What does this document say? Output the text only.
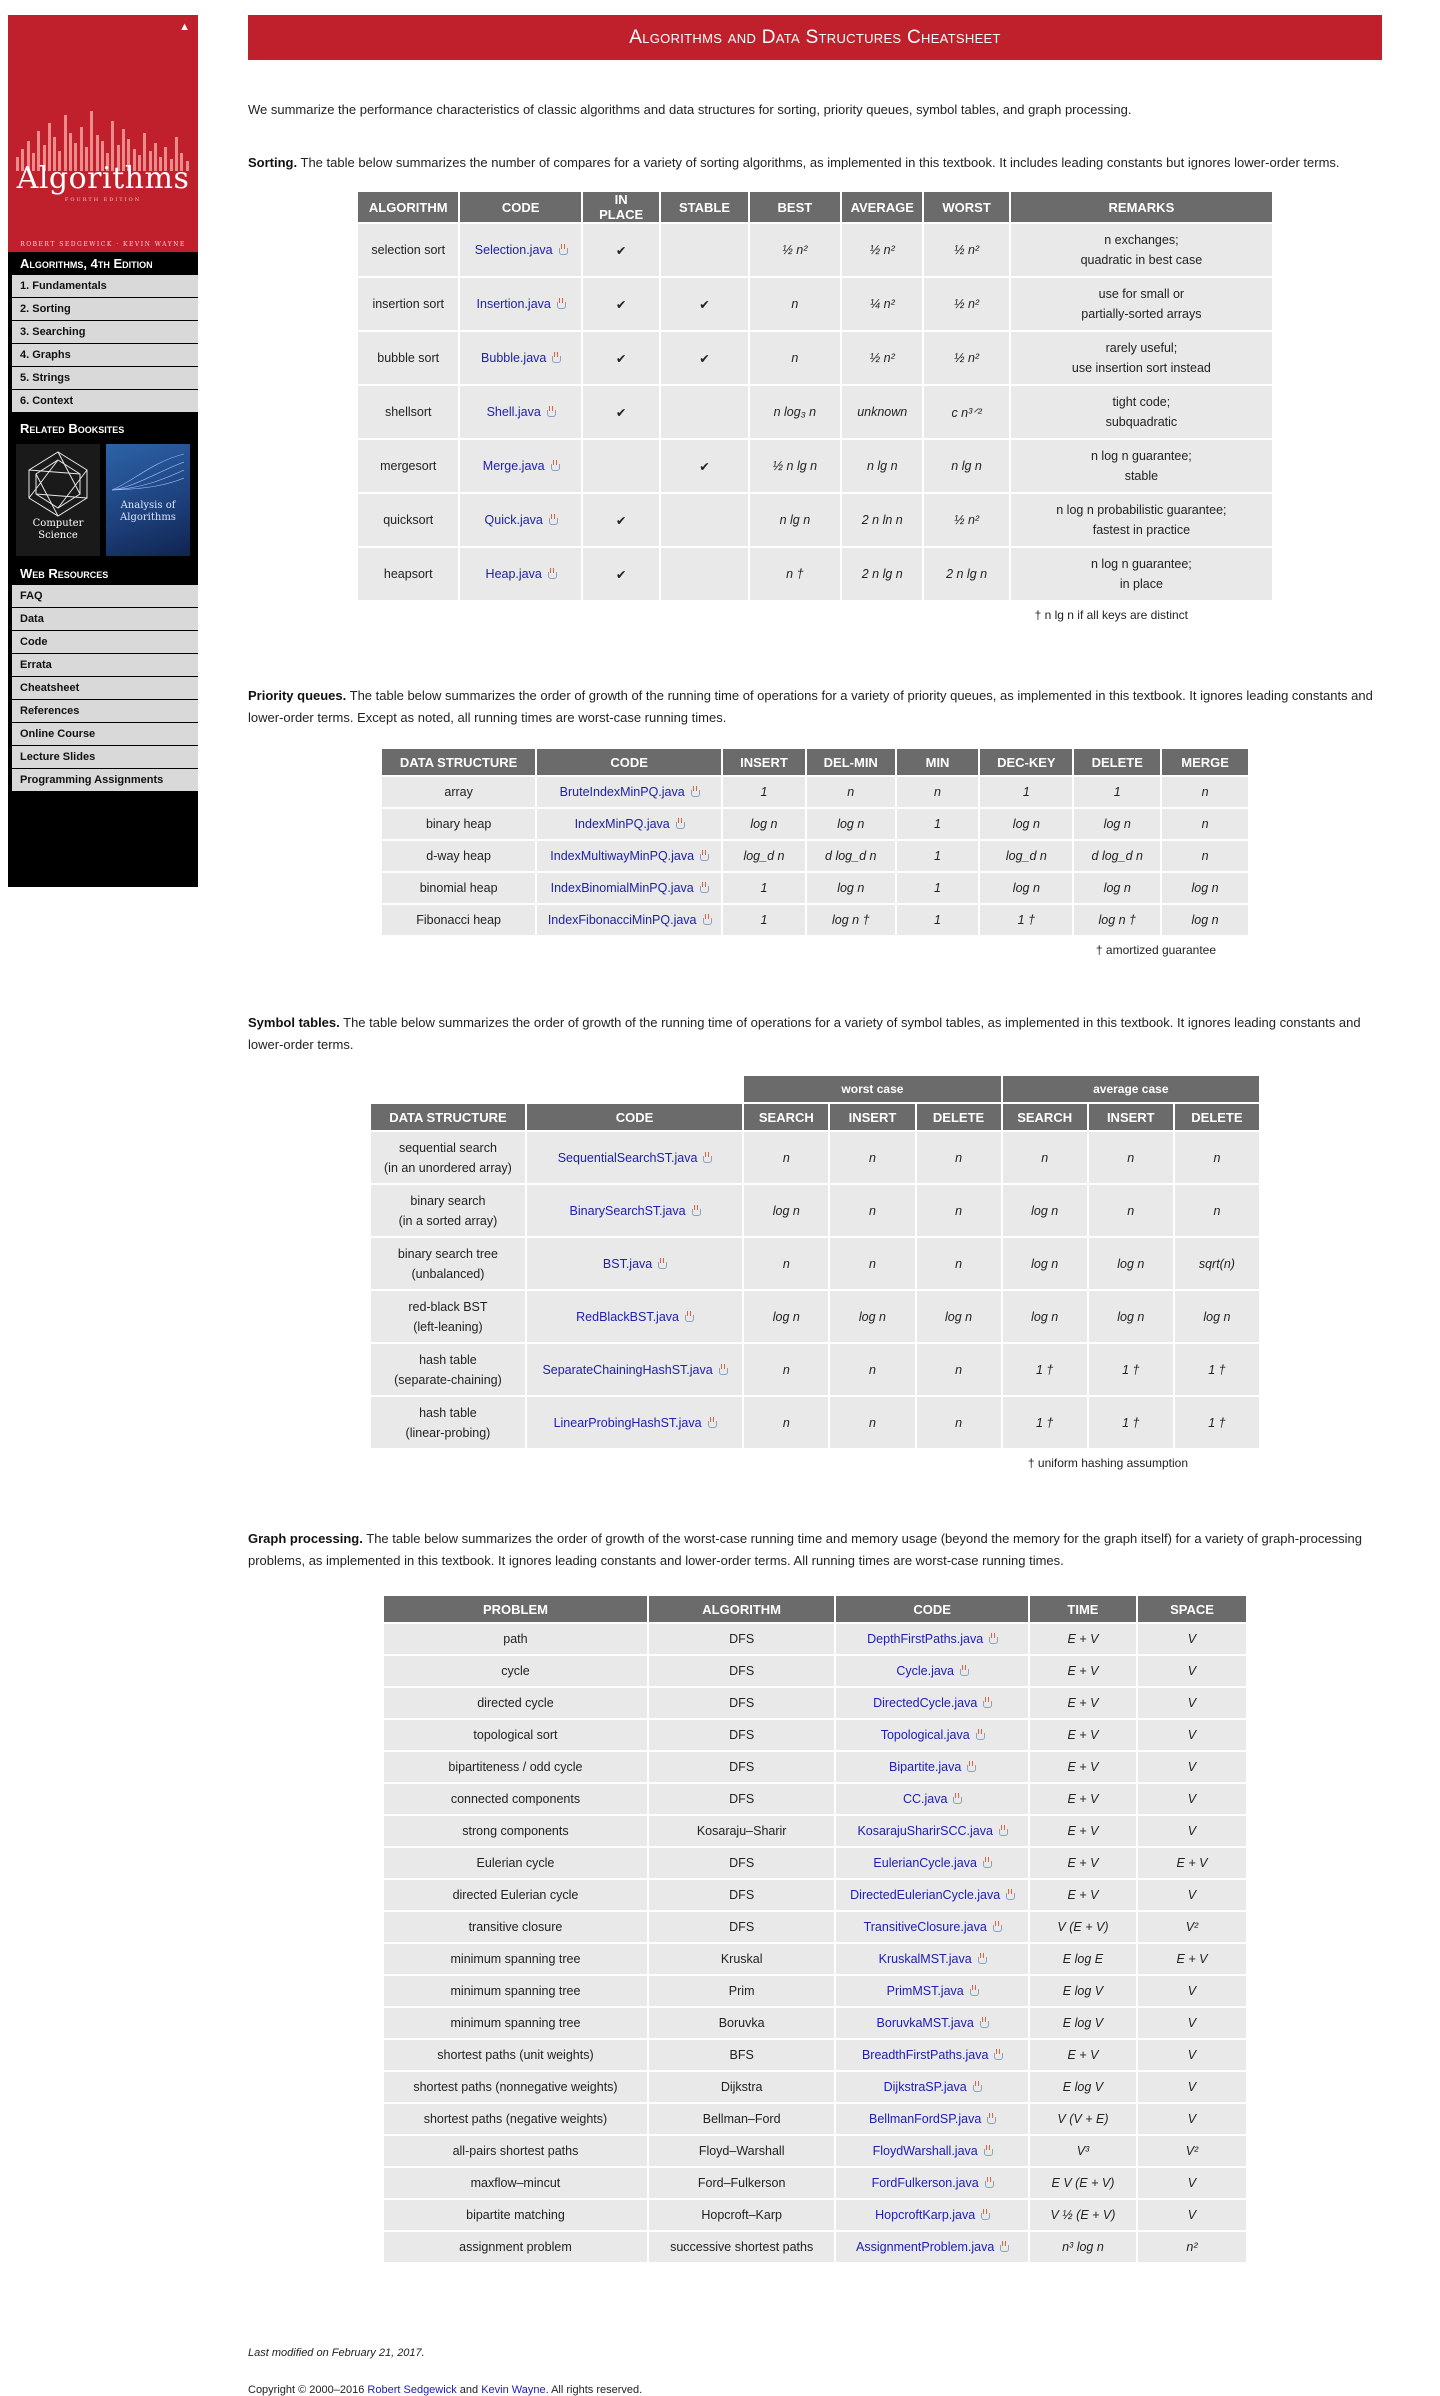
▲
Algorithms
FOURTH EDITION
ROBERT SEDGEWICK · KEVIN WAYNE
Algorithms, 4th Edition
1. Fundamentals
2. Sorting
3. Searching
4. Graphs
5. Strings
6. Context
Related Booksites
Computer Science
Analysis of Algorithms
Web Resources
FAQ
Data
Code
Errata
Cheatsheet
References
Online Course
Lecture Slides
Programming Assignments
Algorithms and Data Structures Cheatsheet

We summarize the performance characteristics of classic algorithms and data structures for sorting, priority queues, symbol tables, and graph processing.

Sorting. The table below summarizes the number of compares for a variety of sorting algorithms, as implemented in this textbook. It includes leading constants but ignores lower-order terms.

ALGORITHM	CODE	IN PLACE	STABLE	BEST	AVERAGE	WORST	REMARKS
selection sort	Selection.java	✔		½ n²	½ n²	½ n²	n exchanges;
quadratic in best case

insertion sort	Insertion.java	✔	✔	n	¼ n²	½ n²	use for small or
partially-sorted arrays

bubble sort	Bubble.java	✔	✔	n	½ n²	½ n²	rarely useful;
use insertion sort instead

shellsort	Shell.java	✔		n log₃ n	unknown	c n³ᐟ²	tight code;
subquadratic

mergesort	Merge.java		✔	½ n lg n	n lg n	n lg n	n log n guarantee;
stable

quicksort	Quick.java	✔		n lg n	2 n ln n	½ n²	n log n probabilistic guarantee;
fastest in practice

heapsort	Heap.java	✔		n †	2 n lg n	2 n lg n	n log n guarantee;
in place
† n lg n if all keys are distinct

Priority queues. The table below summarizes the order of growth of the running time of operations for a variety of priority queues, as implemented in this textbook. It ignores leading constants and lower-order terms. Except as noted, all running times are worst-case running times.

DATA STRUCTURE	CODE	INSERT	DEL-MIN	MIN	DEC-KEY	DELETE	MERGE
array	BruteIndexMinPQ.java	1	n	n	1	1	n
binary heap	IndexMinPQ.java	log n	log n	1	log n	log n	n
d-way heap	IndexMultiwayMinPQ.java	log_d n	d log_d n	1	log_d n	d log_d n	n
binomial heap	IndexBinomialMinPQ.java	1	log n	1	log n	log n	log n
Fibonacci heap	IndexFibonacciMinPQ.java	1	log n †	1	1 †	log n †	log n
† amortized guarantee

Symbol tables. The table below summarizes the order of growth of the running time of operations for a variety of symbol tables, as implemented in this textbook. It ignores leading constants and lower-order terms.

		worst case			average case		
DATA STRUCTURE	CODE	SEARCH	INSERT	DELETE	SEARCH	INSERT	DELETE

sequential search
(in an unordered array)	SequentialSearchST.java	n	n	n	n	n	n

binary search
(in a sorted array)	BinarySearchST.java	log n	n	n	log n	n	n

binary search tree
(unbalanced)	BST.java	n	n	n	log n	log n	sqrt(n)

red-black BST
(left-leaning)	RedBlackBST.java	log n	log n	log n	log n	log n	log n

hash table
(separate-chaining)	SeparateChainingHashST.java	n	n	n	1 †	1 †	1 †

hash table
(linear-probing)	LinearProbingHashST.java	n	n	n	1 †	1 †	1 †
† uniform hashing assumption

Graph processing. The table below summarizes the order of growth of the worst-case running time and memory usage (beyond the memory for the graph itself) for a variety of graph-processing problems, as implemented in this textbook. It ignores leading constants and lower-order terms. All running times are worst-case running times.

PROBLEM	ALGORITHM	CODE	TIME	SPACE
path	DFS	DepthFirstPaths.java	E + V	V
cycle	DFS	Cycle.java	E + V	V
directed cycle	DFS	DirectedCycle.java	E + V	V
topological sort	DFS	Topological.java	E + V	V
bipartiteness / odd cycle	DFS	Bipartite.java	E + V	V
connected components	DFS	CC.java	E + V	V
strong components	Kosaraju–Sharir	KosarajuSharirSCC.java	E + V	V
Eulerian cycle	DFS	EulerianCycle.java	E + V	E + V
directed Eulerian cycle	DFS	DirectedEulerianCycle.java	E + V	V
transitive closure	DFS	TransitiveClosure.java	V (E + V)	V²
minimum spanning tree	Kruskal	KruskalMST.java	E log E	E + V
minimum spanning tree	Prim	PrimMST.java	E log V	V
minimum spanning tree	Boruvka	BoruvkaMST.java	E log V	V
shortest paths (unit weights)	BFS	BreadthFirstPaths.java	E + V	V
shortest paths (nonnegative weights)	Dijkstra	DijkstraSP.java	E log V	V
shortest paths (negative weights)	Bellman–Ford	BellmanFordSP.java	V (V + E)	V
all-pairs shortest paths	Floyd–Warshall	FloydWarshall.java	V³	V²
maxflow–mincut	Ford–Fulkerson	FordFulkerson.java	E V (E + V)	V
bipartite matching	Hopcroft–Karp	HopcroftKarp.java	V ½ (E + V)	V
assignment problem	successive shortest paths	AssignmentProblem.java	n³ log n	n²
Last modified on February 21, 2017.
Copyright © 2000–2016 Robert Sedgewick and Kevin Wayne. All rights reserved.
